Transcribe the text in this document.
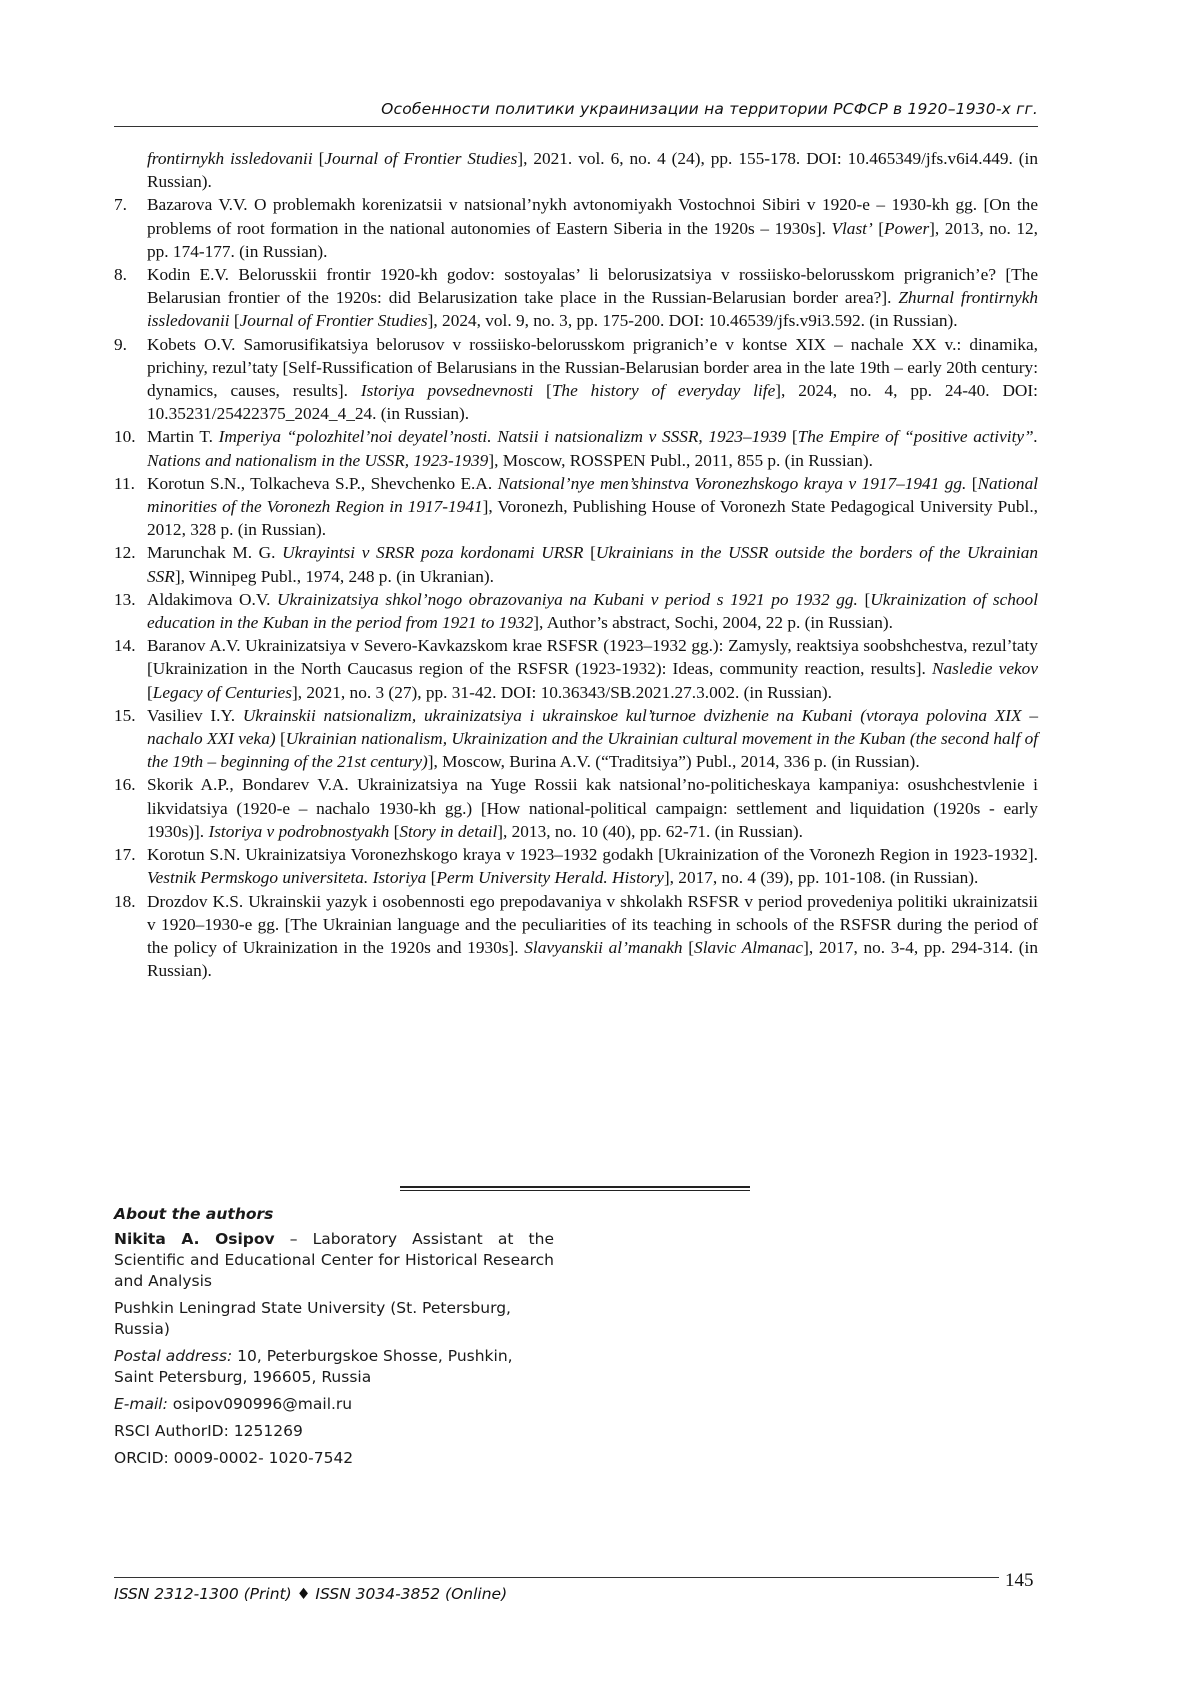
Особенности политики украинизации на территории РСФСР в 1920–1930-х гг.
frontirnykh issledovanii [Journal of Frontier Studies], 2021. vol. 6, no. 4 (24), pp. 155-178. DOI: 10.465349/jfs.v6i4.449. (in Russian).
7. Bazarova V.V. O problemakh korenizatsii v natsional’nykh avtonomiyakh Vostochnoi Sibiri v 1920-e – 1930-kh gg. [On the problems of root formation in the national autonomies of Eastern Siberia in the 1920s – 1930s]. Vlast’ [Power], 2013, no. 12, pp. 174-177. (in Russian).
8. Kodin E.V. Belorusskii frontir 1920-kh godov: sostoyalas’ li belorusizatsiya v rossiisko-belorusskom prigranich’e? [The Belarusian frontier of the 1920s: did Belarusization take place in the Russian-Belarusian border area?]. Zhurnal frontirnykh issledovanii [Journal of Frontier Studies], 2024, vol. 9, no. 3, pp. 175-200. DOI: 10.46539/jfs.v9i3.592. (in Russian).
9. Kobets O.V. Samorusifikatsiya belorusov v rossiisko-belorusskom prigranich’e v kontse XIX – nachale XX v.: dinamika, prichiny, rezul’taty [Self-Russification of Belarusians in the Russian-Belarusian border area in the late 19th – early 20th century: dynamics, causes, results]. Istoriya povsednevnosti [The history of everyday life], 2024, no. 4, pp. 24-40. DOI: 10.35231/25422375_2024_4_24. (in Russian).
10. Martin T. Imperiya “polozhitel’noi deyatel’nosti. Natsii i natsionalizm v SSSR, 1923–1939 [The Empire of “positive activity”. Nations and nationalism in the USSR, 1923-1939], Moscow, ROSSPEN Publ., 2011, 855 p. (in Russian).
11. Korotun S.N., Tolkacheva S.P., Shevchenko E.A. Natsional’nye men’shinstva Voronezhskogo kraya v 1917–1941 gg. [National minorities of the Voronezh Region in 1917-1941], Voronezh, Publishing House of Voronezh State Pedagogical University Publ., 2012, 328 p. (in Russian).
12. Marunchak M. G. Ukrayintsi v SRSR poza kordonami URSR [Ukrainians in the USSR outside the borders of the Ukrainian SSR], Winnipeg Publ., 1974, 248 p. (in Ukranian).
13. Aldakimova O.V. Ukrainizatsiya shkol’nogo obrazovaniya na Kubani v period s 1921 po 1932 gg. [Ukrainization of school education in the Kuban in the period from 1921 to 1932], Author’s abstract, Sochi, 2004, 22 p. (in Russian).
14. Baranov A.V. Ukrainizatsiya v Severo-Kavkazskom krae RSFSR (1923–1932 gg.): Zamysly, reaktsiya soobshchestva, rezul’taty [Ukrainization in the North Caucasus region of the RSFSR (1923-1932): Ideas, community reaction, results]. Nasledie vekov [Legacy of Centuries], 2021, no. 3 (27), pp. 31-42. DOI: 10.36343/SB.2021.27.3.002. (in Russian).
15. Vasiliev I.Y. Ukrainskii natsionalizm, ukrainizatsiya i ukrainskoe kul’turnoe dvizhenie na Kubani (vtoraya polovina XIX – nachalo XXI veka) [Ukrainian nationalism, Ukrainization and the Ukrainian cultural movement in the Kuban (the second half of the 19th – beginning of the 21st century)], Moscow, Burina A.V. (“Traditsiya”) Publ., 2014, 336 p. (in Russian).
16. Skorik A.P., Bondarev V.A. Ukrainizatsiya na Yuge Rossii kak natsional’no-politicheskaya kampaniya: osushchestvlenie i likvidatsiya (1920-e – nachalo 1930-kh gg.) [How national-political campaign: settlement and liquidation (1920s - early 1930s)]. Istoriya v podrobnostyakh [Story in detail], 2013, no. 10 (40), pp. 62-71. (in Russian).
17. Korotun S.N. Ukrainizatsiya Voronezhskogo kraya v 1923–1932 godakh [Ukrainization of the Voronezh Region in 1923-1932]. Vestnik Permskogo universiteta. Istoriya [Perm University Herald. History], 2017, no. 4 (39), pp. 101-108. (in Russian).
18. Drozdov K.S. Ukrainskii yazyk i osobennosti ego prepodavaniya v shkolakh RSFSR v period provedeniya politiki ukrainizatsii v 1920–1930-e gg. [The Ukrainian language and the peculiarities of its teaching in schools of the RSFSR during the period of the policy of Ukrainization in the 1920s and 1930s]. Slavyanskii al’manakh [Slavic Almanac], 2017, no. 3-4, pp. 294-314. (in Russian).
About the authors

Nikita A. Osipov – Laboratory Assistant at the Scientific and Educational Center for Historical Research and Analysis

Pushkin Leningrad State University (St. Petersburg, Russia)

Postal address: 10, Peterburgskoe Shosse, Pushkin, Saint Petersburg, 196605, Russia

E-mail: osipov090996@mail.ru

RSCI AuthorID: 1251269

ORCID: 0009-0002- 1020-7542

ISSN 2312-1300 (Print) ♦ ISSN 3034-3852 (Online)
145
